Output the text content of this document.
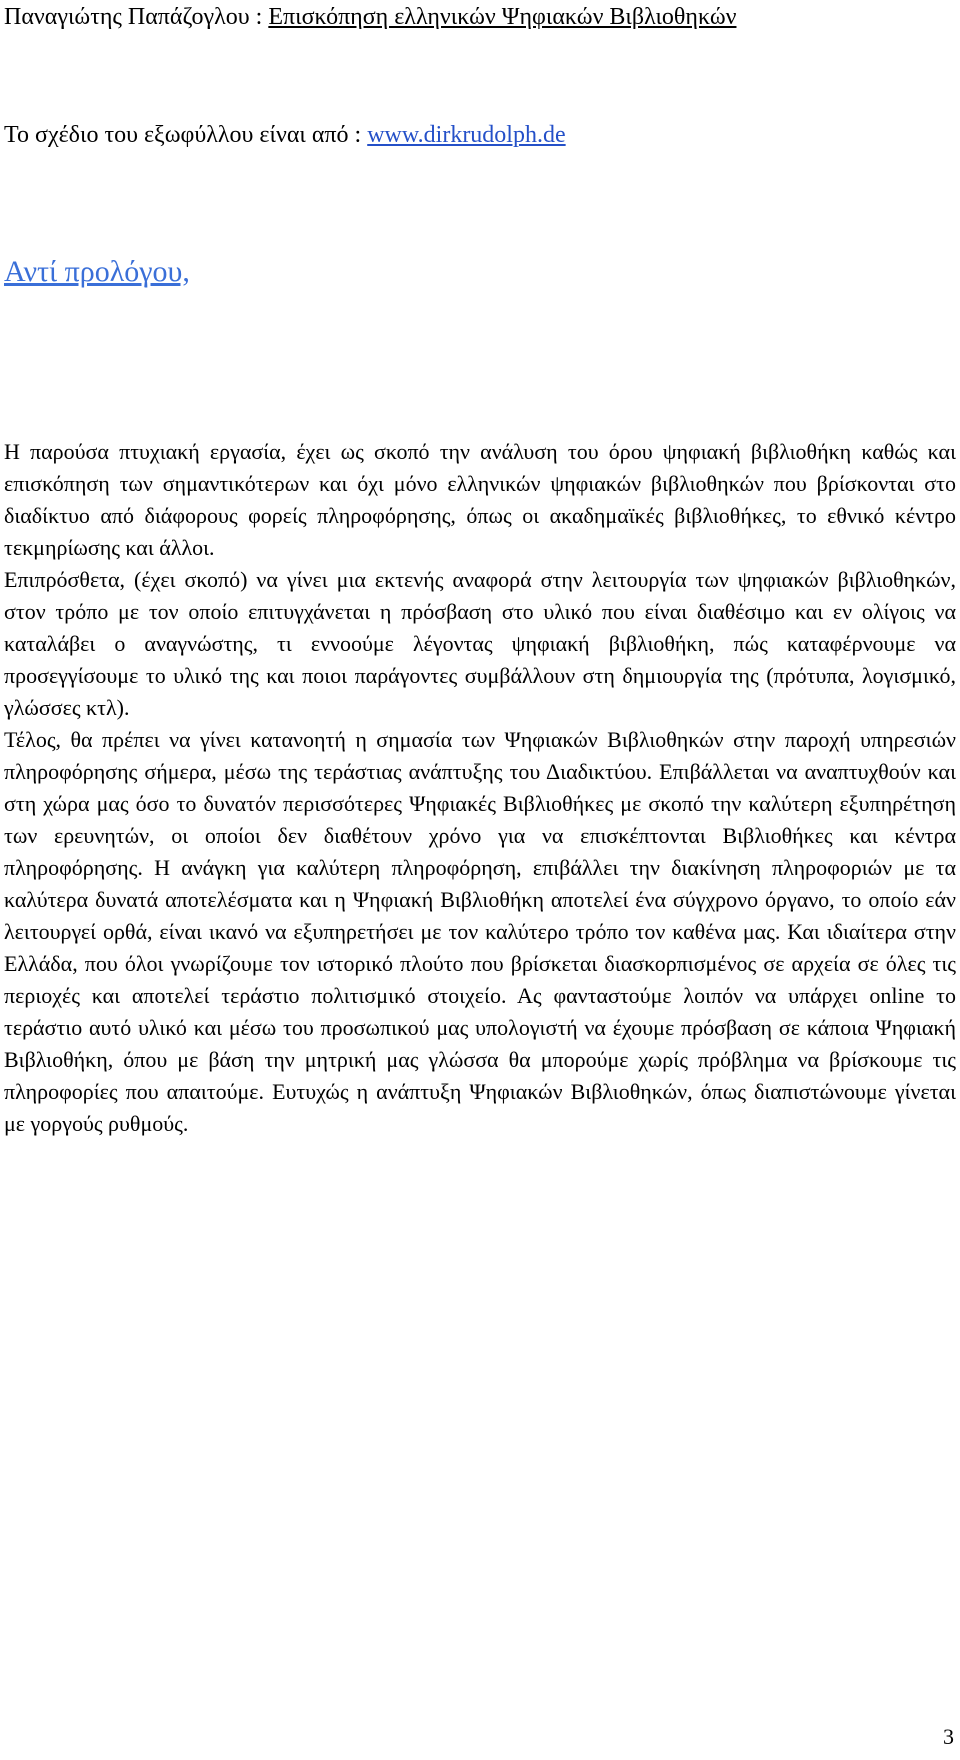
Παναγιώτης Παπάζογλου : Επισκόπηση ελληνικών Ψηφιακών Βιβλιοθηκών
Το σχέδιο του εξωφύλλου είναι από : www.dirkrudolph.de
Αντί προλόγου,

Η παρούσα πτυχιακή εργασία, έχει ως σκοπό την ανάλυση του όρου ψηφιακή βιβλιοθήκη καθώς και επισκόπηση των σημαντικότερων και όχι μόνο ελληνικών ψηφιακών βιβλιοθηκών που βρίσκονται στο διαδίκτυο από διάφορους φορείς πληροφόρησης, όπως οι ακαδημαϊκές βιβλιοθήκες, το εθνικό κέντρο τεκμηρίωσης και άλλοι.

Επιπρόσθετα, (έχει σκοπό) να γίνει μια εκτενής αναφορά στην λειτουργία των ψηφιακών βιβλιοθηκών, στον τρόπο με τον οποίο επιτυγχάνεται η πρόσβαση στο υλικό που είναι διαθέσιμο και εν ολίγοις να καταλάβει ο αναγνώστης, τι εννοούμε λέγοντας ψηφιακή βιβλιοθήκη, πώς καταφέρνουμε να προσεγγίσουμε το υλικό της και ποιοι παράγοντες συμβάλλουν στη δημιουργία της (πρότυπα, λογισμικό, γλώσσες κτλ).

Τέλος, θα πρέπει να γίνει κατανοητή η σημασία των Ψηφιακών Βιβλιοθηκών στην παροχή υπηρεσιών πληροφόρησης σήμερα, μέσω της τεράστιας ανάπτυξης του Διαδικτύου. Επιβάλλεται να αναπτυχθούν και στη χώρα μας όσο το δυνατόν περισσότερες Ψηφιακές Βιβλιοθήκες με σκοπό την καλύτερη εξυπηρέτηση των ερευνητών, οι οποίοι δεν διαθέτουν χρόνο για να επισκέπτονται Βιβλιοθήκες και κέντρα πληροφόρησης. Η ανάγκη για καλύτερη πληροφόρηση, επιβάλλει την διακίνηση πληροφοριών με τα καλύτερα δυνατά αποτελέσματα και η Ψηφιακή Βιβλιοθήκη αποτελεί ένα σύγχρονο όργανο, το οποίο εάν λειτουργεί ορθά, είναι ικανό να εξυπηρετήσει με τον καλύτερο τρόπο τον καθένα μας. Και ιδιαίτερα στην Ελλάδα, που όλοι γνωρίζουμε τον ιστορικό πλούτο που βρίσκεται διασκορπισμένος σε αρχεία σε όλες τις περιοχές και αποτελεί τεράστιο πολιτισμικό στοιχείο. Ας φανταστούμε λοιπόν να υπάρχει online το τεράστιο αυτό υλικό και μέσω του προσωπικού μας υπολογιστή να έχουμε πρόσβαση σε κάποια Ψηφιακή Βιβλιοθήκη, όπου με βάση την μητρική μας γλώσσα θα μπορούμε χωρίς πρόβλημα να βρίσκουμε τις πληροφορίες που απαιτούμε. Ευτυχώς η ανάπτυξη Ψηφιακών Βιβλιοθηκών, όπως διαπιστώνουμε γίνεται με γοργούς ρυθμούς.

3
